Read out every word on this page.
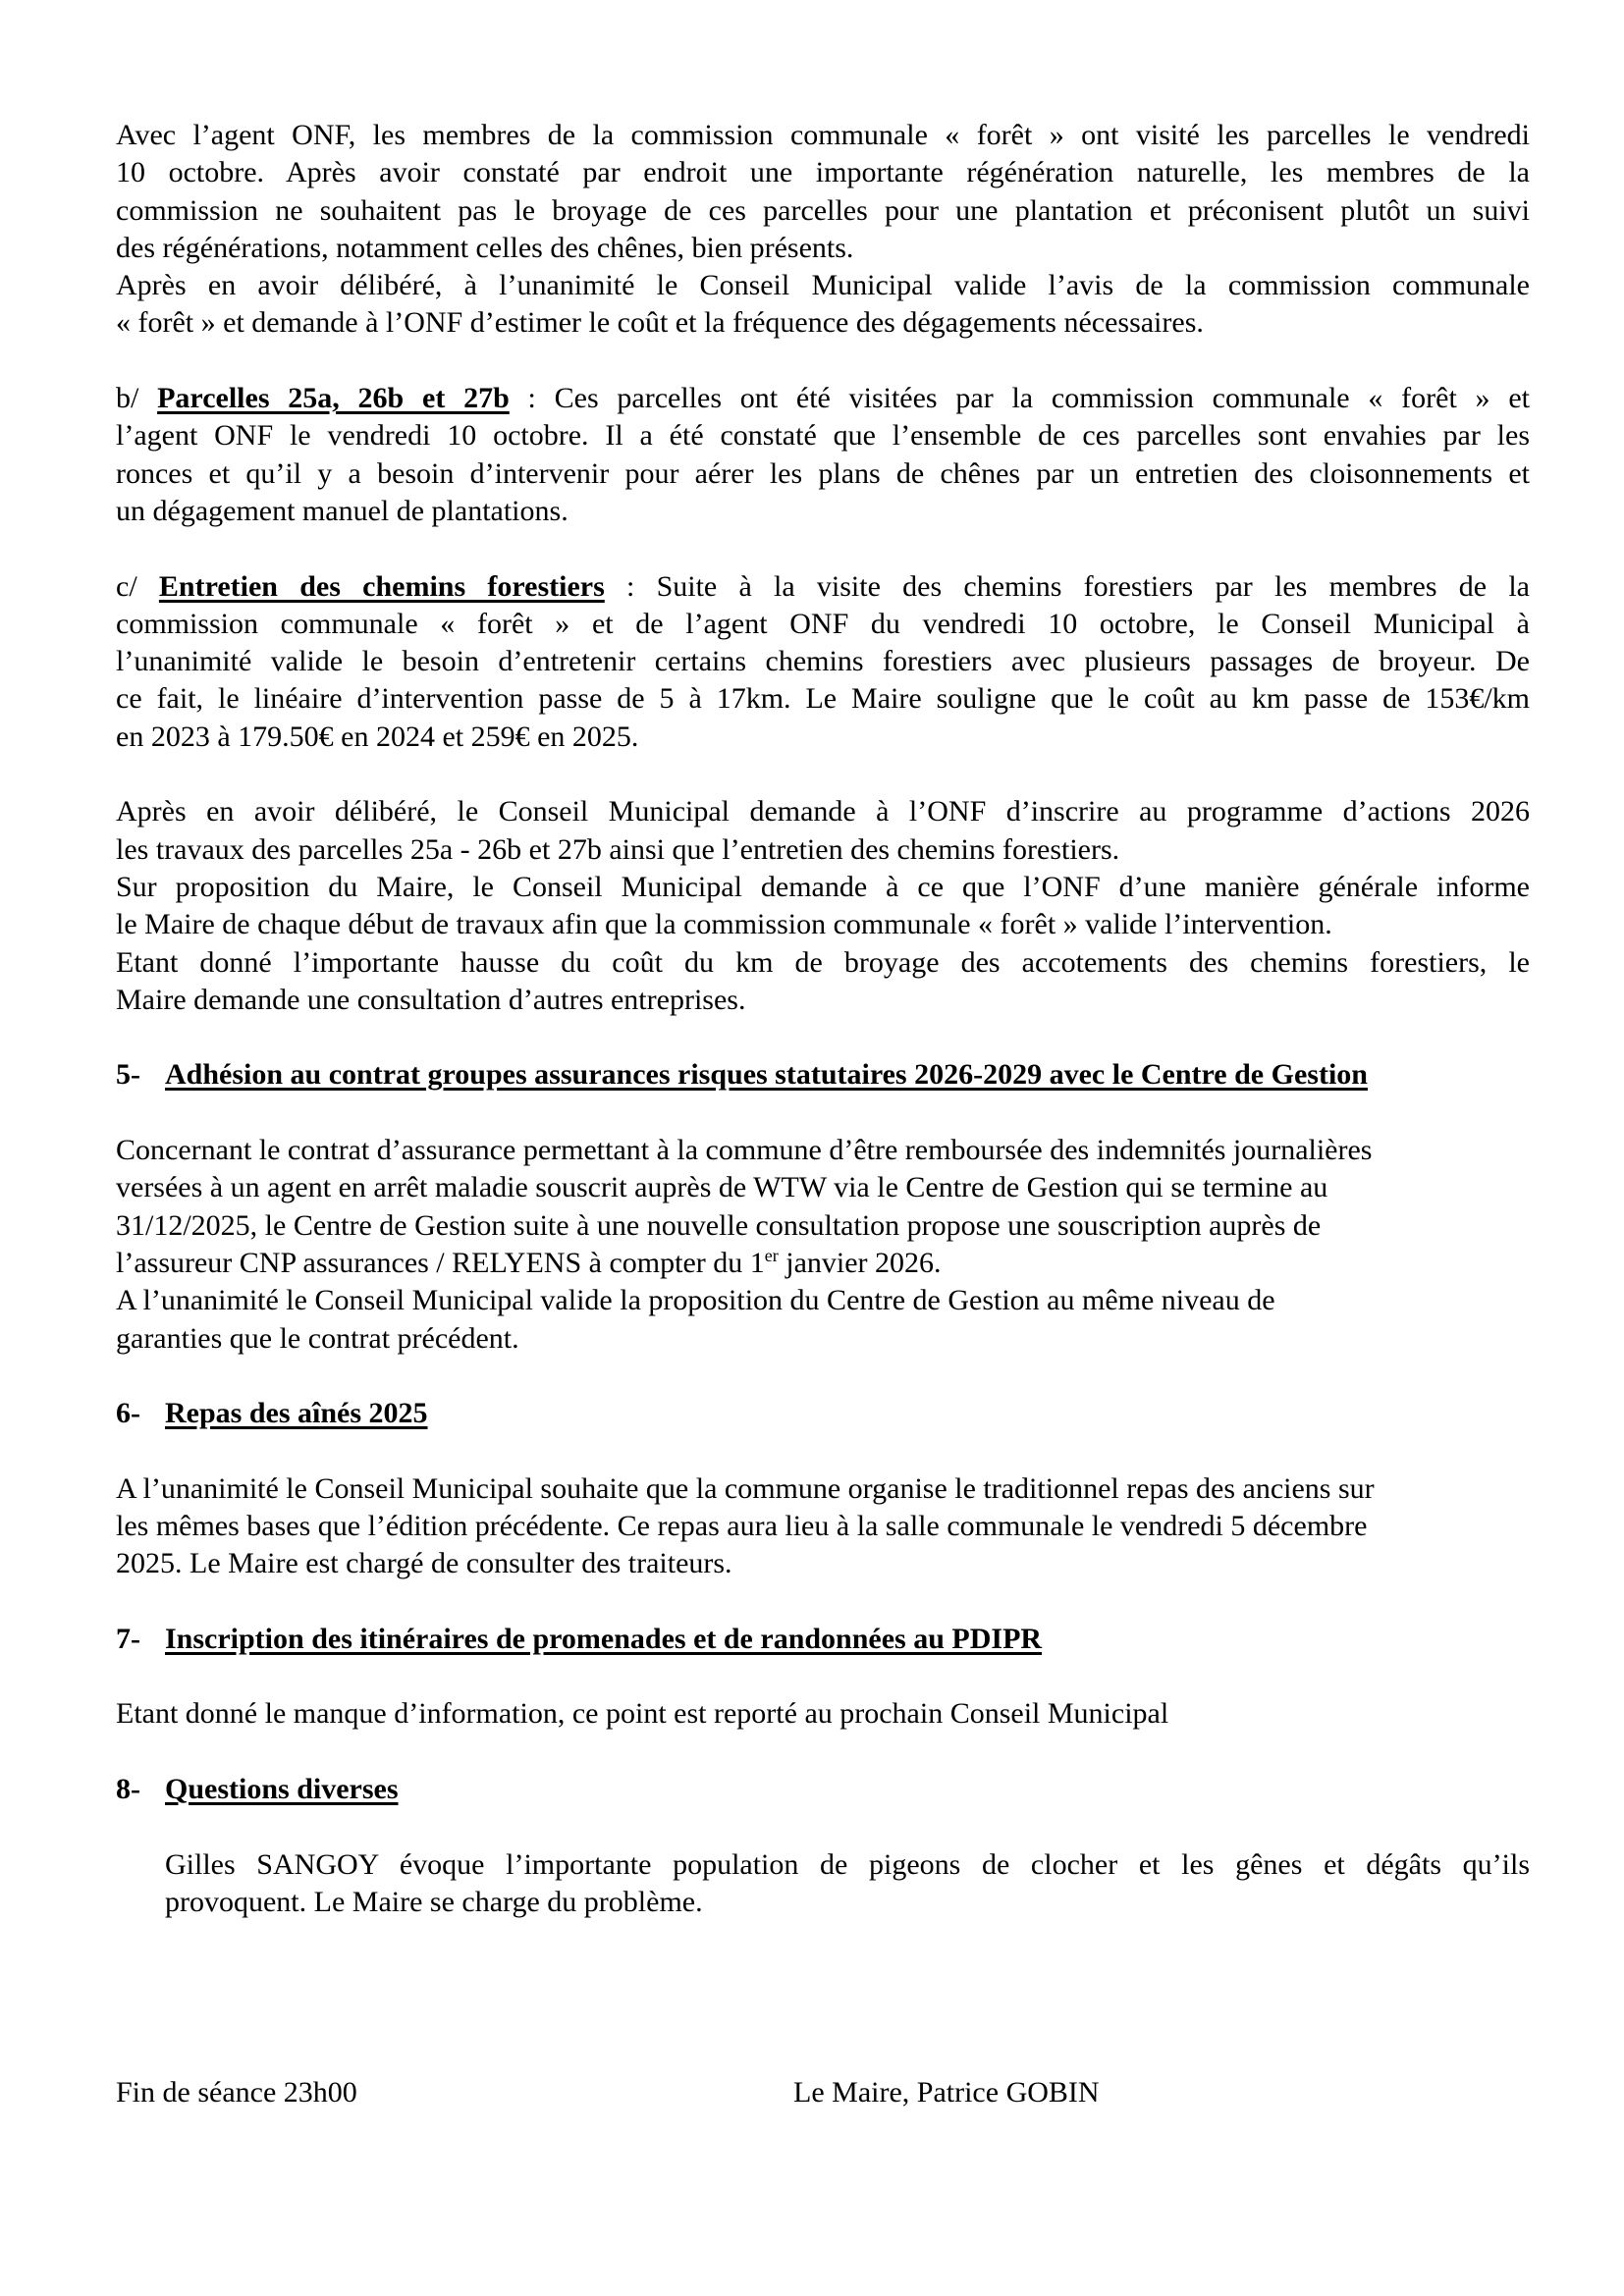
Avec l’agent ONF, les membres de la commission communale « forêt » ont visité les parcelles le vendredi
10 octobre. Après avoir constaté par endroit une importante régénération naturelle, les membres de la
commission ne souhaitent pas le broyage de ces parcelles pour une plantation et préconisent plutôt un suivi
des régénérations, notamment celles des chênes, bien présents.
Après en avoir délibéré, à l’unanimité le Conseil Municipal valide l’avis de la commission communale
« forêt » et demande à l’ONF d’estimer le coût et la fréquence des dégagements nécessaires.
b/ Parcelles 25a, 26b et 27b : Ces parcelles ont été visitées par la commission communale « forêt » et
l’agent ONF le vendredi 10 octobre. Il a été constaté que l’ensemble de ces parcelles sont envahies par les
ronces et qu’il y a besoin d’intervenir pour aérer les plans de chênes par un entretien des cloisonnements et
un dégagement manuel de plantations.
c/ Entretien des chemins forestiers : Suite à la visite des chemins forestiers par les membres de la
commission communale « forêt » et de l’agent ONF du vendredi 10 octobre, le Conseil Municipal à
l’unanimité valide le besoin d’entretenir certains chemins forestiers avec plusieurs passages de broyeur. De
ce fait, le linéaire d’intervention passe de 5 à 17km. Le Maire souligne que le coût au km passe de 153€/km
en 2023 à 179.50€ en 2024 et 259€ en 2025.
Après en avoir délibéré, le Conseil Municipal demande à l’ONF d’inscrire au programme d’actions 2026
les travaux des parcelles 25a - 26b et 27b ainsi que l’entretien des chemins forestiers.
Sur proposition du Maire, le Conseil Municipal demande à ce que l’ONF d’une manière générale informe
le Maire de chaque début de travaux afin que la commission communale « forêt » valide l’intervention.
Etant donné l’importante hausse du coût du km de broyage des accotements des chemins forestiers, le
Maire demande une consultation d’autres entreprises.
5- Adhésion au contrat groupes assurances risques statutaires 2026-2029 avec le Centre de Gestion
Concernant le contrat d’assurance permettant à la commune d’être remboursée des indemnités journalières
versées à un agent en arrêt maladie souscrit auprès de WTW via le Centre de Gestion qui se termine au
31/12/2025, le Centre de Gestion suite à une nouvelle consultation propose une souscription auprès de
l’assureur CNP assurances / RELYENS à compter du 1er janvier 2026.
A l’unanimité le Conseil Municipal valide la proposition du Centre de Gestion au même niveau de
garanties que le contrat précédent.
6- Repas des aînés 2025
A l’unanimité le Conseil Municipal souhaite que la commune organise le traditionnel repas des anciens sur
les mêmes bases que l’édition précédente. Ce repas aura lieu à la salle communale le vendredi 5 décembre
2025. Le Maire est chargé de consulter des traiteurs.
7- Inscription des itinéraires de promenades et de randonnées au PDIPR
Etant donné le manque d’information, ce point est reporté au prochain Conseil Municipal
8- Questions diverses
Gilles SANGOY évoque l’importante population de pigeons de clocher et les gênes et dégâts qu’ils
provoquent. Le Maire se charge du problème.
Fin de séance 23h00	Le Maire, Patrice GOBIN
